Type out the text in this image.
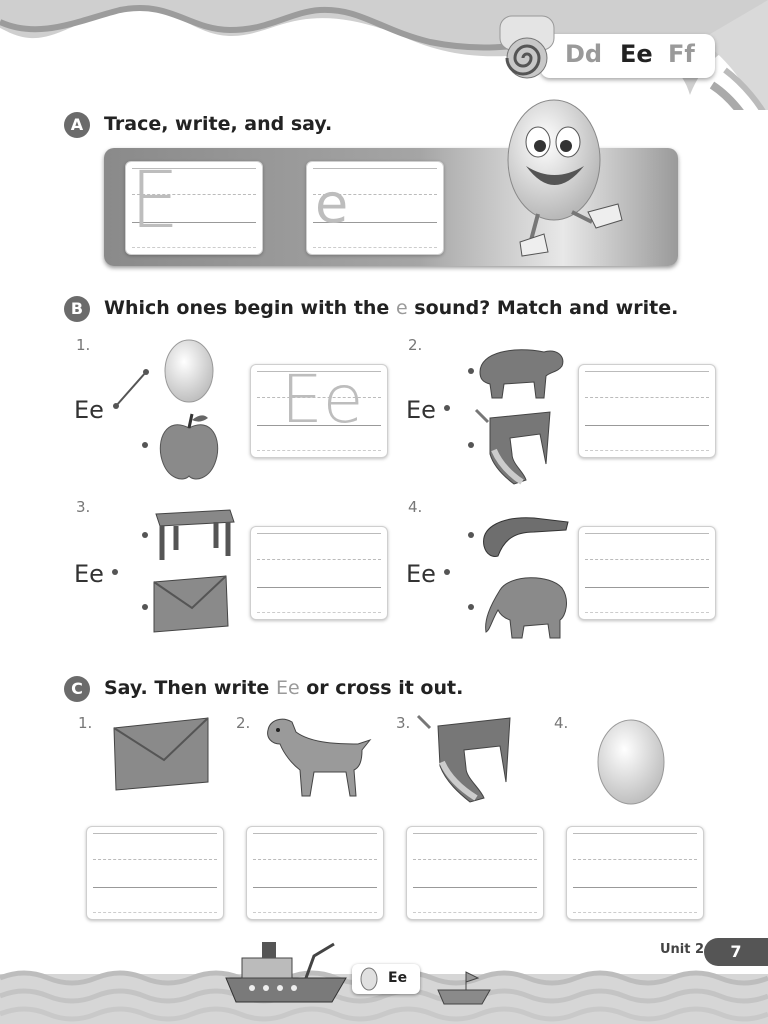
Dd Ee Ff
A	Trace, write, and say.
E	e
B	Which ones begin with the e sound? Match and write.
1.
Ee	Ee
2.
Ee
3.
Ee
4.
Ee
C	Say. Then write Ee or cross it out.
1.	2.	3.	4.
Unit 2	7
Ee
